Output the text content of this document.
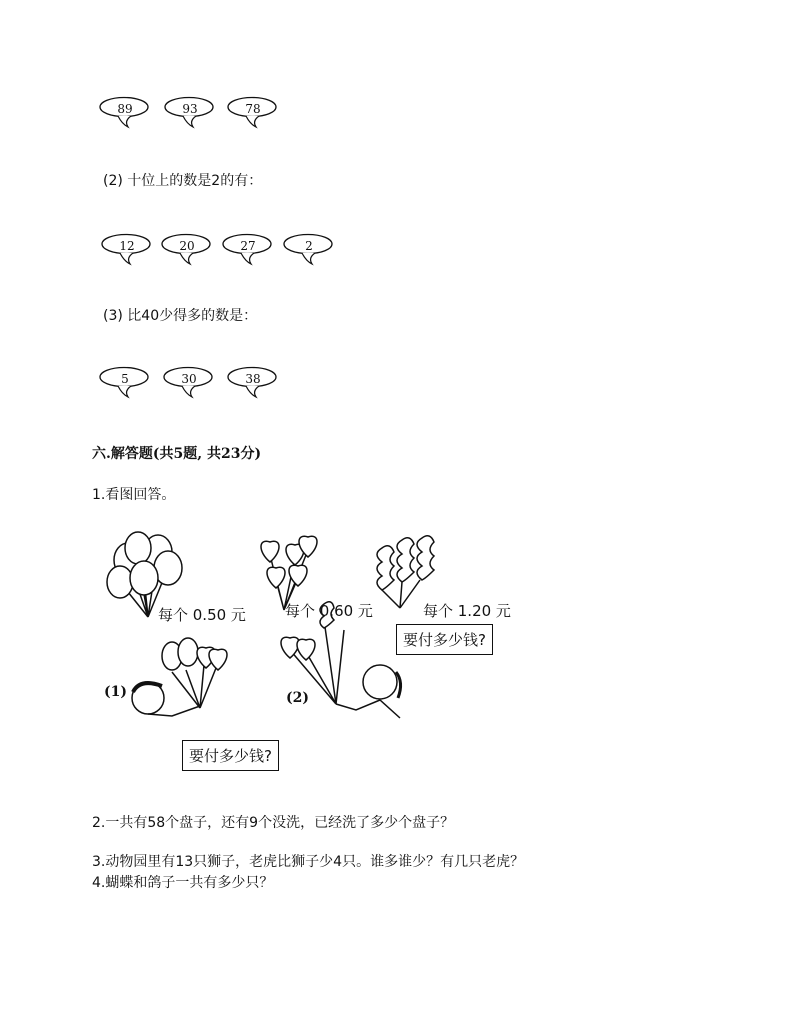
89	93	78
(2) 十位上的数是2的有：
12	20	27	2
(3) 比40少得多的数是：
5	30	38
六.解答题(共5题, 共23分)
1.看图回答。
每个 0.50 元	每个 0.60 元	每个 1.20 元
要付多少钱?
(1)	(2)
要付多少钱?
2.一共有58个盘子，还有9个没洗，已经洗了多少个盘子？
3.动物园里有13只狮子，老虎比狮子少4只。谁多谁少？有几只老虎？
4.蝴蝶和鸽子一共有多少只？
